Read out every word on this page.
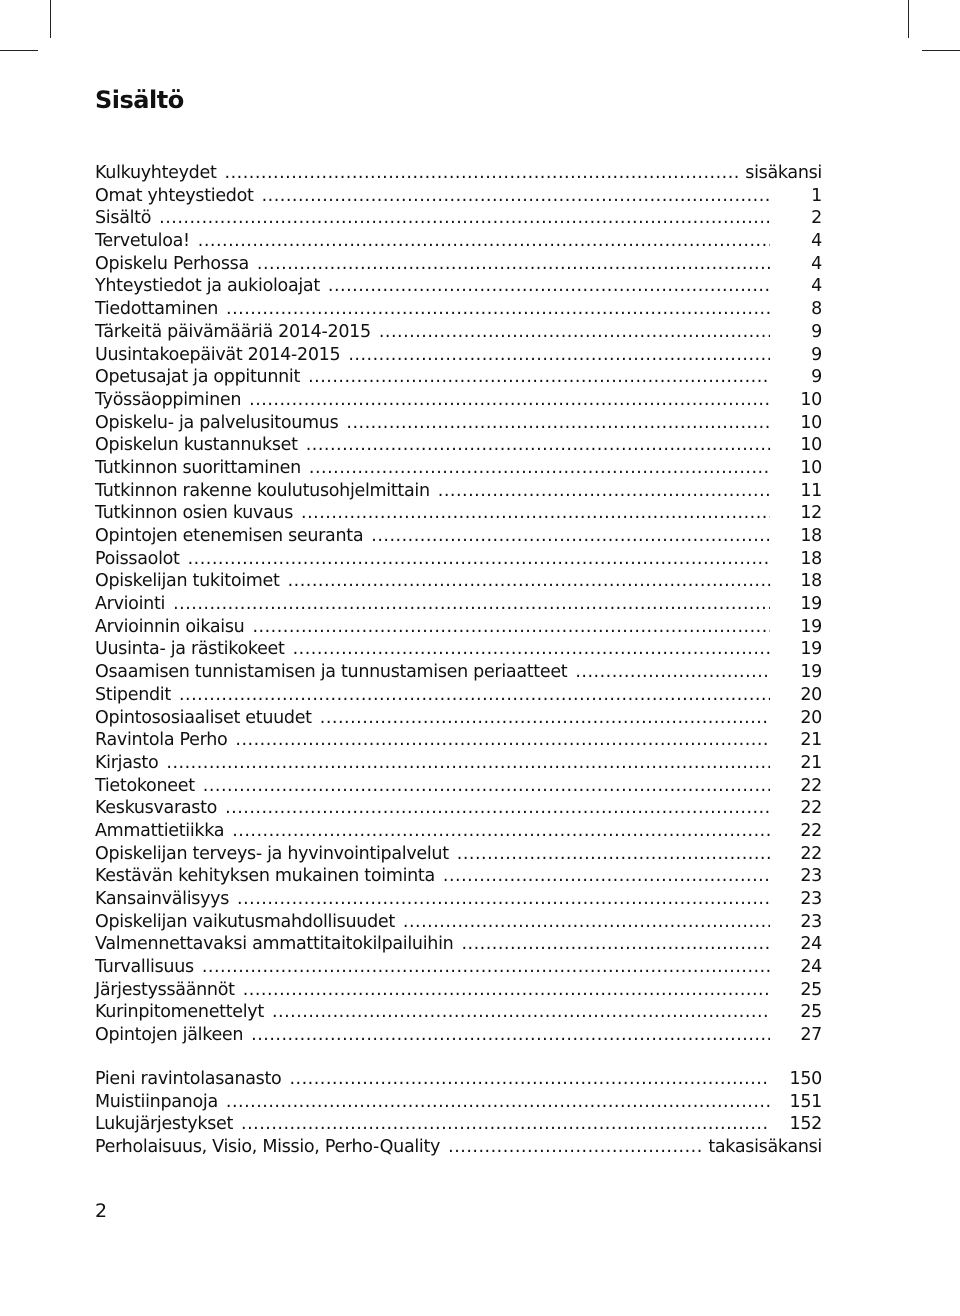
Sisältö
Kulkuyhteydet .....	sisäkansi
Omat yhteystiedot .....	1
Sisältö .....	2
Tervetuloa! .....	4
Opiskelu Perhossa .....	4
Yhteystiedot ja aukioloajat .....	4
Tiedottaminen .....	8
Tärkeitä päivämääriä 2014-2015 .....	9
Uusintakoepäivät 2014-2015 .....	9
Opetusajat ja oppitunnit .....	9
Työssäoppiminen .....	10
Opiskelu- ja palvelusitoumus .....	10
Opiskelun kustannukset .....	10
Tutkinnon suorittaminen .....	10
Tutkinnon rakenne koulutusohjelmittain .....	11
Tutkinnon osien kuvaus .....	12
Opintojen etenemisen seuranta .....	18
Poissaolot .....	18
Opiskelijan tukitoimet .....	18
Arviointi .....	19
Arvioinnin oikaisu .....	19
Uusinta- ja rästikokeet .....	19
Osaamisen tunnistamisen ja tunnustamisen periaatteet .....	19
Stipendit .....	20
Opintososiaaliset etuudet .....	20
Ravintola Perho .....	21
Kirjasto .....	21
Tietokoneet .....	22
Keskusvarasto .....	22
Ammattietiikka .....	22
Opiskelijan terveys- ja hyvinvointipalvelut .....	22
Kestävän kehityksen mukainen toiminta .....	23
Kansainvälisyys .....	23
Opiskelijan vaikutusmahdollisuudet .....	23
Valmennettavaksi ammattitaitokilpailuihin .....	24
Turvallisuus .....	24
Järjestyssäännöt .....	25
Kurinpitomenettelyt .....	25
Opintojen jälkeen .....	27
Pieni ravintolasanasto .....	150
Muistiinpanoja .....	151
Lukujärjestykset .....	152
Perholaisuus, Visio, Missio, Perho-Quality .....	takasisäkansi
2
